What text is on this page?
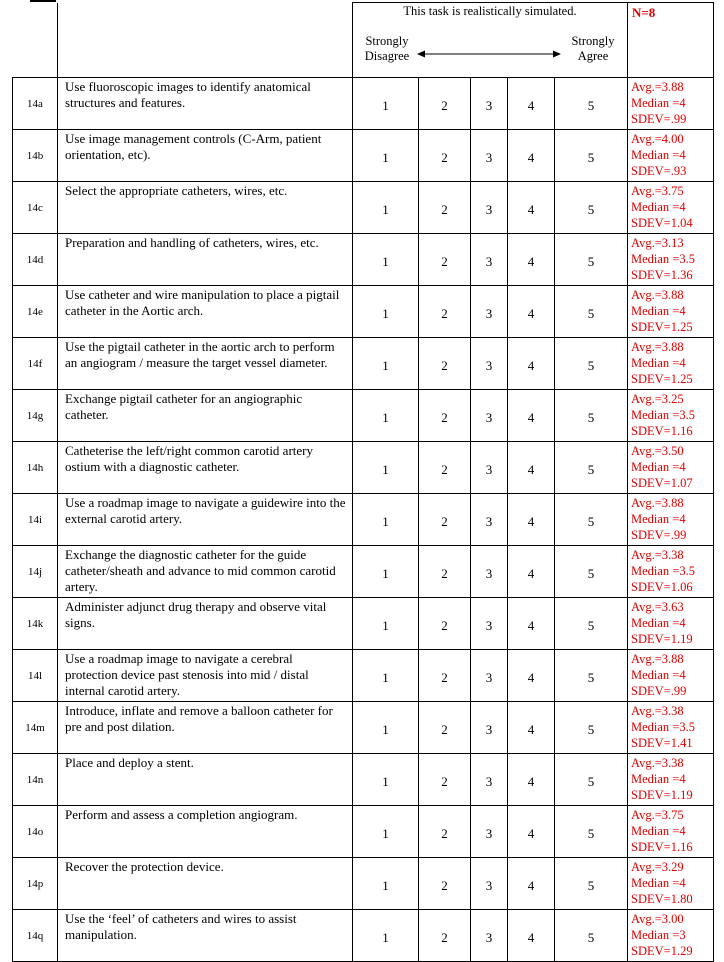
		This task is realistically simulated.
Strongly Disagree
Strongly Agree					N=8
14a	Use fluoroscopic images to identify anatomical structures and features.	1	2	3	4	5	Avg.=3.88
Median =4
SDEV=.99

14b	Use image management controls (C-Arm, patient orientation, etc).	1	2	3	4	5	Avg.=4.00
Median =4
SDEV=.93

14c	Select the appropriate catheters, wires, etc.	1	2	3	4	5	Avg.=3.75
Median =4
SDEV=1.04

14d	Preparation and handling of catheters, wires, etc.	1	2	3	4	5	Avg.=3.13
Median =3.5
SDEV=1.36

14e	Use catheter and wire manipulation to place a pigtail catheter in the Aortic arch.	1	2	3	4	5	Avg.=3.88
Median =4
SDEV=1.25

14f	Use the pigtail catheter in the aortic arch to perform an angiogram / measure the target vessel diameter.	1	2	3	4	5	Avg.=3.88
Median =4
SDEV=1.25

14g	Exchange pigtail catheter for an angiographic catheter.	1	2	3	4	5	Avg.=3.25
Median =3.5
SDEV=1.16

14h	Catheterise the left/right common carotid artery ostium with a diagnostic catheter.	1	2	3	4	5	Avg.=3.50
Median =4
SDEV=1.07

14i	Use a roadmap image to navigate a guidewire into the external carotid artery.	1	2	3	4	5	Avg.=3.88
Median =4
SDEV=.99

14j	Exchange the diagnostic catheter for the guide catheter/sheath and advance to mid common carotid artery.	1	2	3	4	5	Avg.=3.38
Median =3.5
SDEV=1.06

14k	Administer adjunct drug therapy and observe vital signs.	1	2	3	4	5	Avg.=3.63
Median =4
SDEV=1.19

14l	Use a roadmap image to navigate a cerebral protection device past stenosis into mid / distal internal carotid artery.	1	2	3	4	5	Avg.=3.88
Median =4
SDEV=.99

14m	Introduce, inflate and remove a balloon catheter for pre and post dilation.	1	2	3	4	5	Avg.=3.38
Median =3.5
SDEV=1.41

14n	Place and deploy a stent.	1	2	3	4	5	Avg.=3.38
Median =4
SDEV=1.19

14o	Perform and assess a completion angiogram.	1	2	3	4	5	Avg.=3.75
Median =4
SDEV=1.16

14p	Recover the protection device.	1	2	3	4	5	Avg.=3.29
Median =4
SDEV=1.80

14q	Use the ‘feel’ of catheters and wires to assist manipulation.	1	2	3	4	5	Avg.=3.00
Median =3
SDEV=1.29
